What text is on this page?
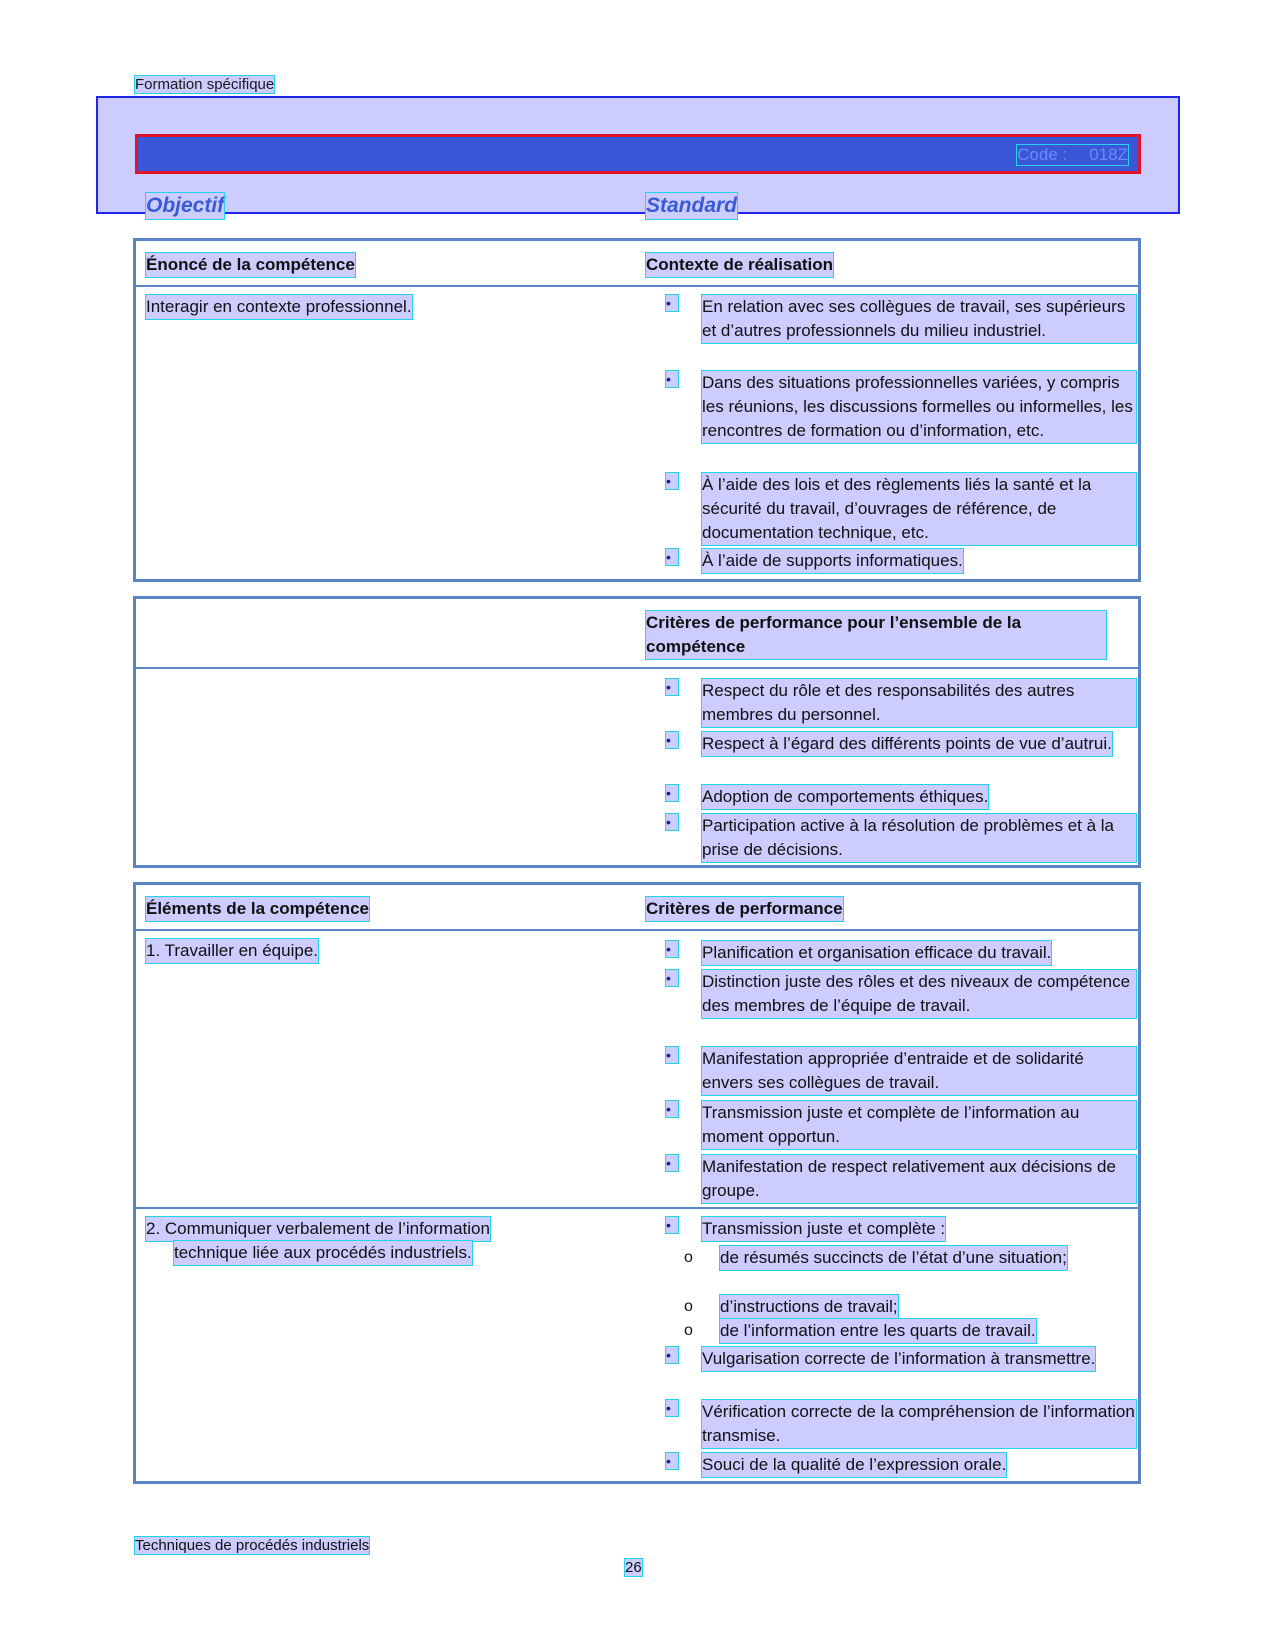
Formation spécifique
Code : 018Z
Objectif	Standard
Énoncé de la compétence	Contexte de réalisation
Interagir en contexte professionnel.	•	En relation avec ses collègues de travail, ses supérieurs et d’autres professionnels du milieu industriel.
•	Dans des situations professionnelles variées, y compris les réunions, les discussions formelles ou informelles, les rencontres de formation ou d’information, etc.
•	À l’aide des lois et des règlements liés la santé et la sécurité du travail, d’ouvrages de référence, de documentation technique, etc.
•	À l’aide de supports informatiques.
Critères de performance pour l’ensemble de la compétence
•	Respect du rôle et des responsabilités des autres membres du personnel.
•	Respect à l’égard des différents points de vue d’autrui.
•	Adoption de comportements éthiques.
•	Participation active à la résolution de problèmes et à la prise de décisions.
Éléments de la compétence	Critères de performance
1. Travailler en équipe.	•	Planification et organisation efficace du travail.
•	Distinction juste des rôles et des niveaux de compétence des membres de l’équipe de travail.
•	Manifestation appropriée d’entraide et de solidarité envers ses collègues de travail.
•	Transmission juste et complète de l’information au moment opportun.
•	Manifestation de respect relativement aux décisions de groupe.
2. Communiquer verbalement de l’information
technique liée aux procédés industriels.
•	Transmission juste et complète :
o de résumés succincts de l’état d’une situation;
o d’instructions de travail;
o de l’information entre les quarts de travail.
•	Vulgarisation correcte de l’information à transmettre.
•	Vérification correcte de la compréhension de l’information transmise.
•	Souci de la qualité de l’expression orale.
Techniques de procédés industriels
26
